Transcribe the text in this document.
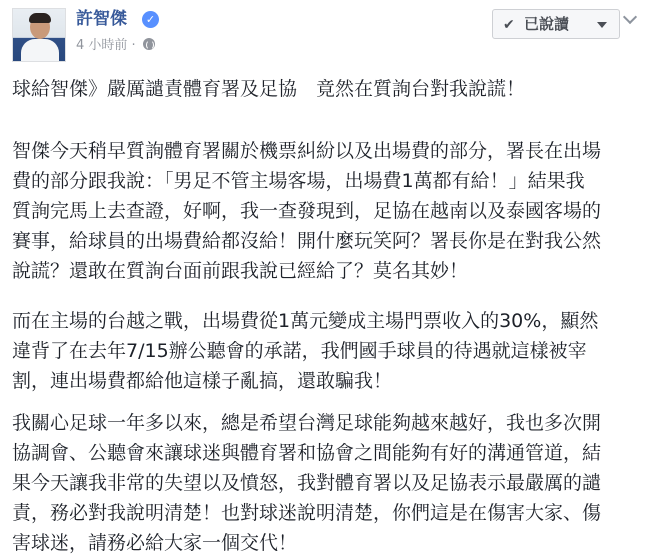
許智傑	✓
4 小時前 ·
✔ 已說讀

球給智傑》嚴厲譴責體育署及足協　竟然在質詢台對我說謊！

智傑今天稍早質詢體育署關於機票糾紛以及出場費的部分，署長在出場
費的部分跟我說：「男足不管主場客場，出場費1萬都有給！」結果我
質詢完馬上去查證，好啊，我一查發現到，足協在越南以及泰國客場的
賽事，給球員的出場費給都沒給！開什麼玩笑阿？署長你是在對我公然
說謊？還敢在質詢台面前跟我說已經給了？莫名其妙！

而在主場的台越之戰，出場費從1萬元變成主場門票收入的30%，顯然
違背了在去年7/15辦公聽會的承諾，我們國手球員的待遇就這樣被宰
割，連出場費都給他這樣子亂搞，還敢騙我！

我關心足球一年多以來，總是希望台灣足球能夠越來越好，我也多次開
協調會、公聽會來讓球迷與體育署和協會之間能夠有好的溝通管道，結
果今天讓我非常的失望以及憤怒，我對體育署以及足協表示最嚴厲的譴
責，務必對我說明清楚！也對球迷說明清楚，你們這是在傷害大家、傷
害球迷，請務必給大家一個交代！
